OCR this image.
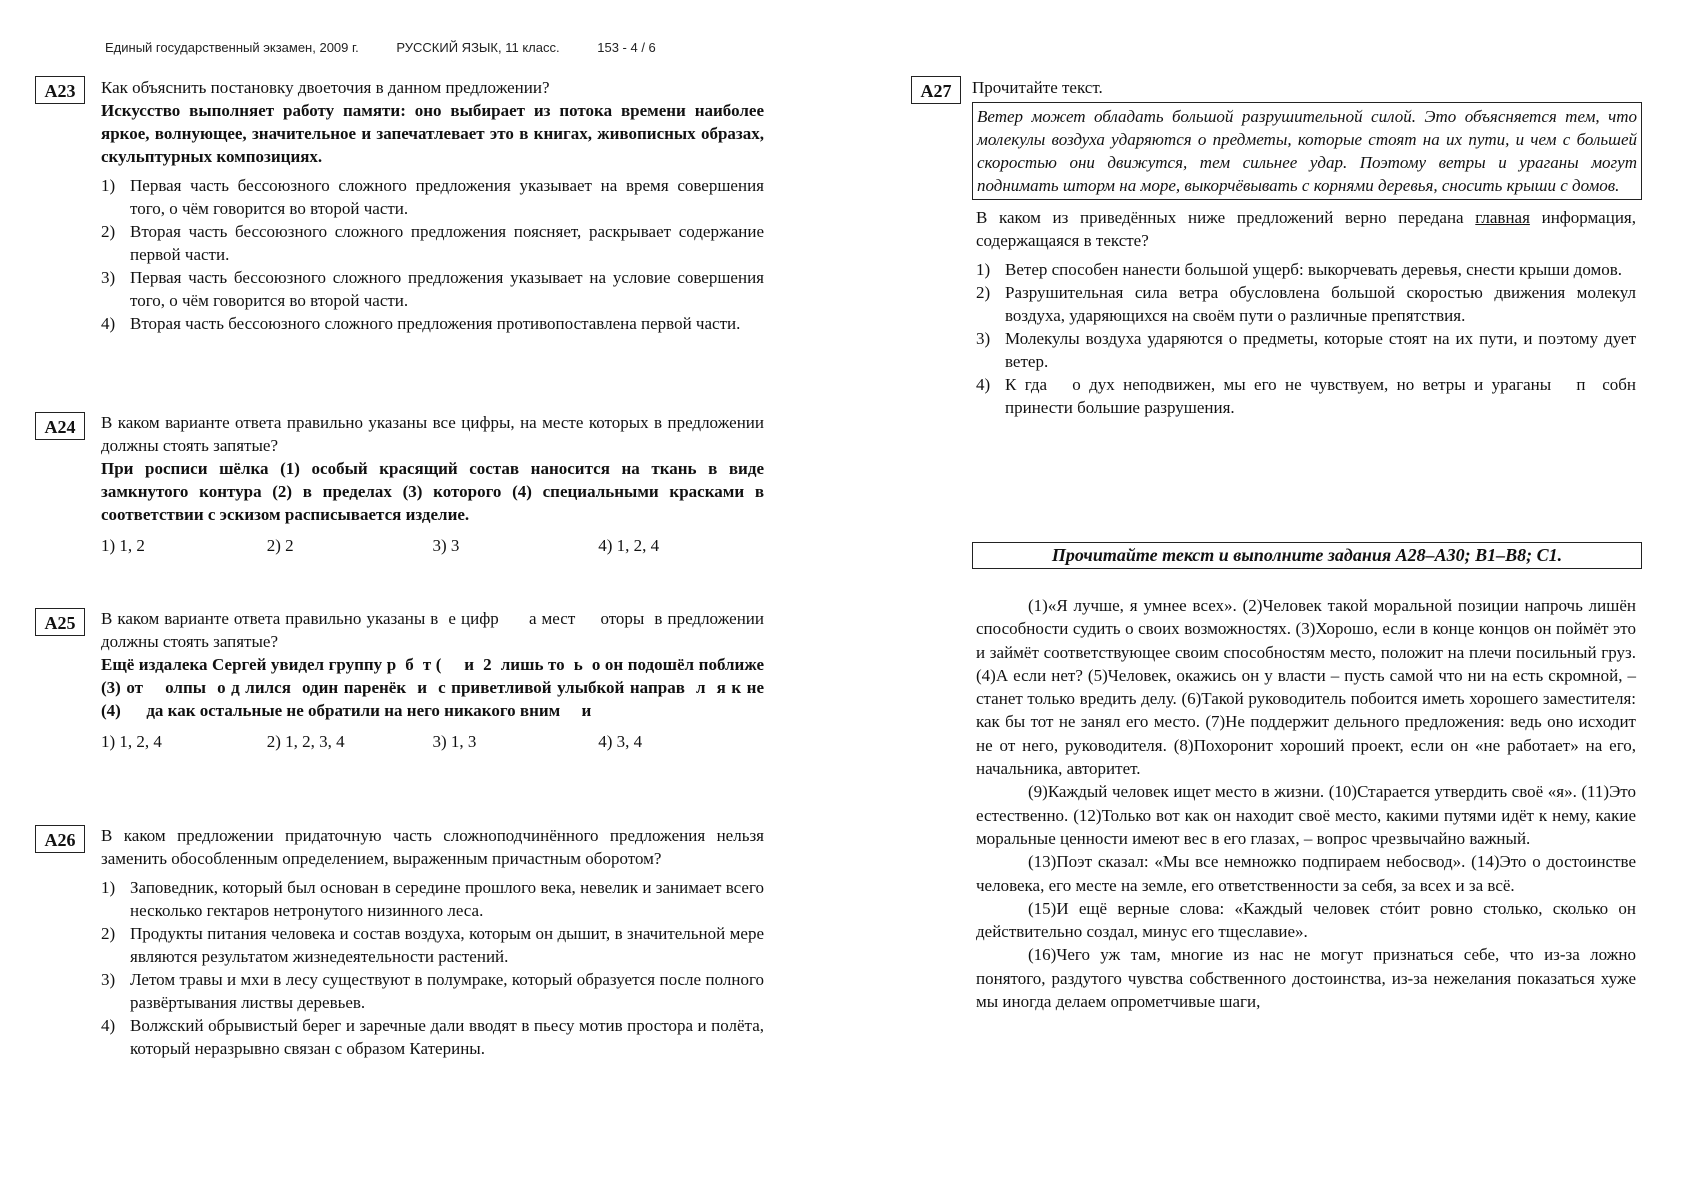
Единый государственный экзамен, 2009 г.	РУССКИЙ ЯЗЫК, 11 класс.	153 - 4 / 6
А23	Как объяснить постановку двоеточия в данном предложении?
Искусство выполняет работу памяти: оно выбирает из потока времени наиболее яркое, волнующее, значительное и запечатлевает это в книгах, живописных образах, скульптурных композициях.
1) Первая часть бессоюзного сложного предложения указывает на время совершения того, о чём говорится во второй части.
2) Вторая часть бессоюзного сложного предложения поясняет, раскрывает содержание первой части.
3) Первая часть бессоюзного сложного предложения указывает на условие совершения того, о чём говорится во второй части.
4) Вторая часть бессоюзного сложного предложения противопоставлена первой части.
А24	В каком варианте ответа правильно указаны все цифры, на месте которых в предложении должны стоять запятые?
При росписи шёлка (1) особый красящий состав наносится на ткань в виде замкнутого контура (2) в пределах (3) которого (4) специальными красками в соответствии с эскизом расписывается изделие.
1) 1, 2	2) 2	3) 3	4) 1, 2, 4
А25	В каком варианте ответа правильно указаны в  е цифр      а мест     оторы  в предложении должны стоять запятые?
Ещё издалека Сергей увидел группу р  б  т (     и  2  лишь то  ь  о он подошёл поближе (3) от    олпы  о д лился  один паренёк  и  с приветливой улыбкой направ  л  я к не     (4)      да как остальные не обратили на него никакого вним     и
1) 1, 2, 4	2) 1, 2, 3, 4	3) 1, 3	4) 3, 4
А26	В каком предложении придаточную часть сложноподчинённого предложения нельзя заменить обособленным определением, выраженным причастным оборотом?
1) Заповедник, который был основан в середине прошлого века, невелик и занимает всего несколько гектаров нетронутого низинного леса.
2) Продукты питания человека и состав воздуха, которым он дышит, в значительной мере являются результатом жизнедеятельности растений.
3) Летом травы и мхи в лесу существуют в полумраке, который образуется после полного развёртывания листвы деревьев.
4) Волжский обрывистый берег и заречные дали вводят в пьесу мотив простора и полёта, который неразрывно связан с образом Катерины.
А27	Прочитайте текст.
Ветер может обладать большой разрушительной силой. Это объясняется тем, что молекулы воздуха ударяются о предметы, которые стоят на их пути, и чем с большей скоростью они движутся, тем сильнее удар. Поэтому ветры и ураганы могут поднимать шторм на море, выкорчёвывать с корнями деревья, сносить крыши с домов.
В каком из приведённых ниже предложений верно передана главная информация, содержащаяся в тексте?
1) Ветер способен нанести большой ущерб: выкорчевать деревья, снести крыши домов.
2) Разрушительная сила ветра обусловлена большой скоростью движения молекул воздуха, ударяющихся на своём пути о различные препятствия.
3) Молекулы воздуха ударяются о предметы, которые стоят на их пути, и поэтому дует ветер.
4) К гда   о дух неподвижен, мы его не чувствуем, но ветры и ураганы   п  собн    принести большие разрушения.
Прочитайте текст и выполните задания А28–А30; В1–В8; С1.

(1)«Я лучше, я умнее всех». (2)Человек такой моральной позиции напрочь лишён способности судить о своих возможностях. (3)Хорошо, если в конце концов он поймёт это и займёт соответствующее своим способностям место, положит на плечи посильный груз. (4)А если нет? (5)Человек, окажись он у власти – пусть самой что ни на есть скромной, – станет только вредить делу. (6)Такой руководитель побоится иметь хорошего заместителя: как бы тот не занял его место. (7)Не поддержит дельного предложения: ведь оно исходит не от него, руководителя. (8)Похоронит хороший проект, если он «не работает» на его, начальника, авторитет.

(9)Каждый человек ищет место в жизни. (10)Старается утвердить своё «я». (11)Это естественно. (12)Только вот как он находит своё место, какими путями идёт к нему, какие моральные ценности имеют вес в его глазах, – вопрос чрезвычайно важный.

(13)Поэт сказал: «Мы все немножко подпираем небосвод». (14)Это о достоинстве человека, его месте на земле, его ответственности за себя, за всех и за всё.

(15)И ещё верные слова: «Каждый человек стóит ровно столько, сколько он действительно создал, минус его тщеславие».

(16)Чего уж там, многие из нас не могут признаться себе, что из-за ложно понятого, раздутого чувства собственного достоинства, из-за нежелания показаться хуже мы иногда делаем опрометчивые шаги,
